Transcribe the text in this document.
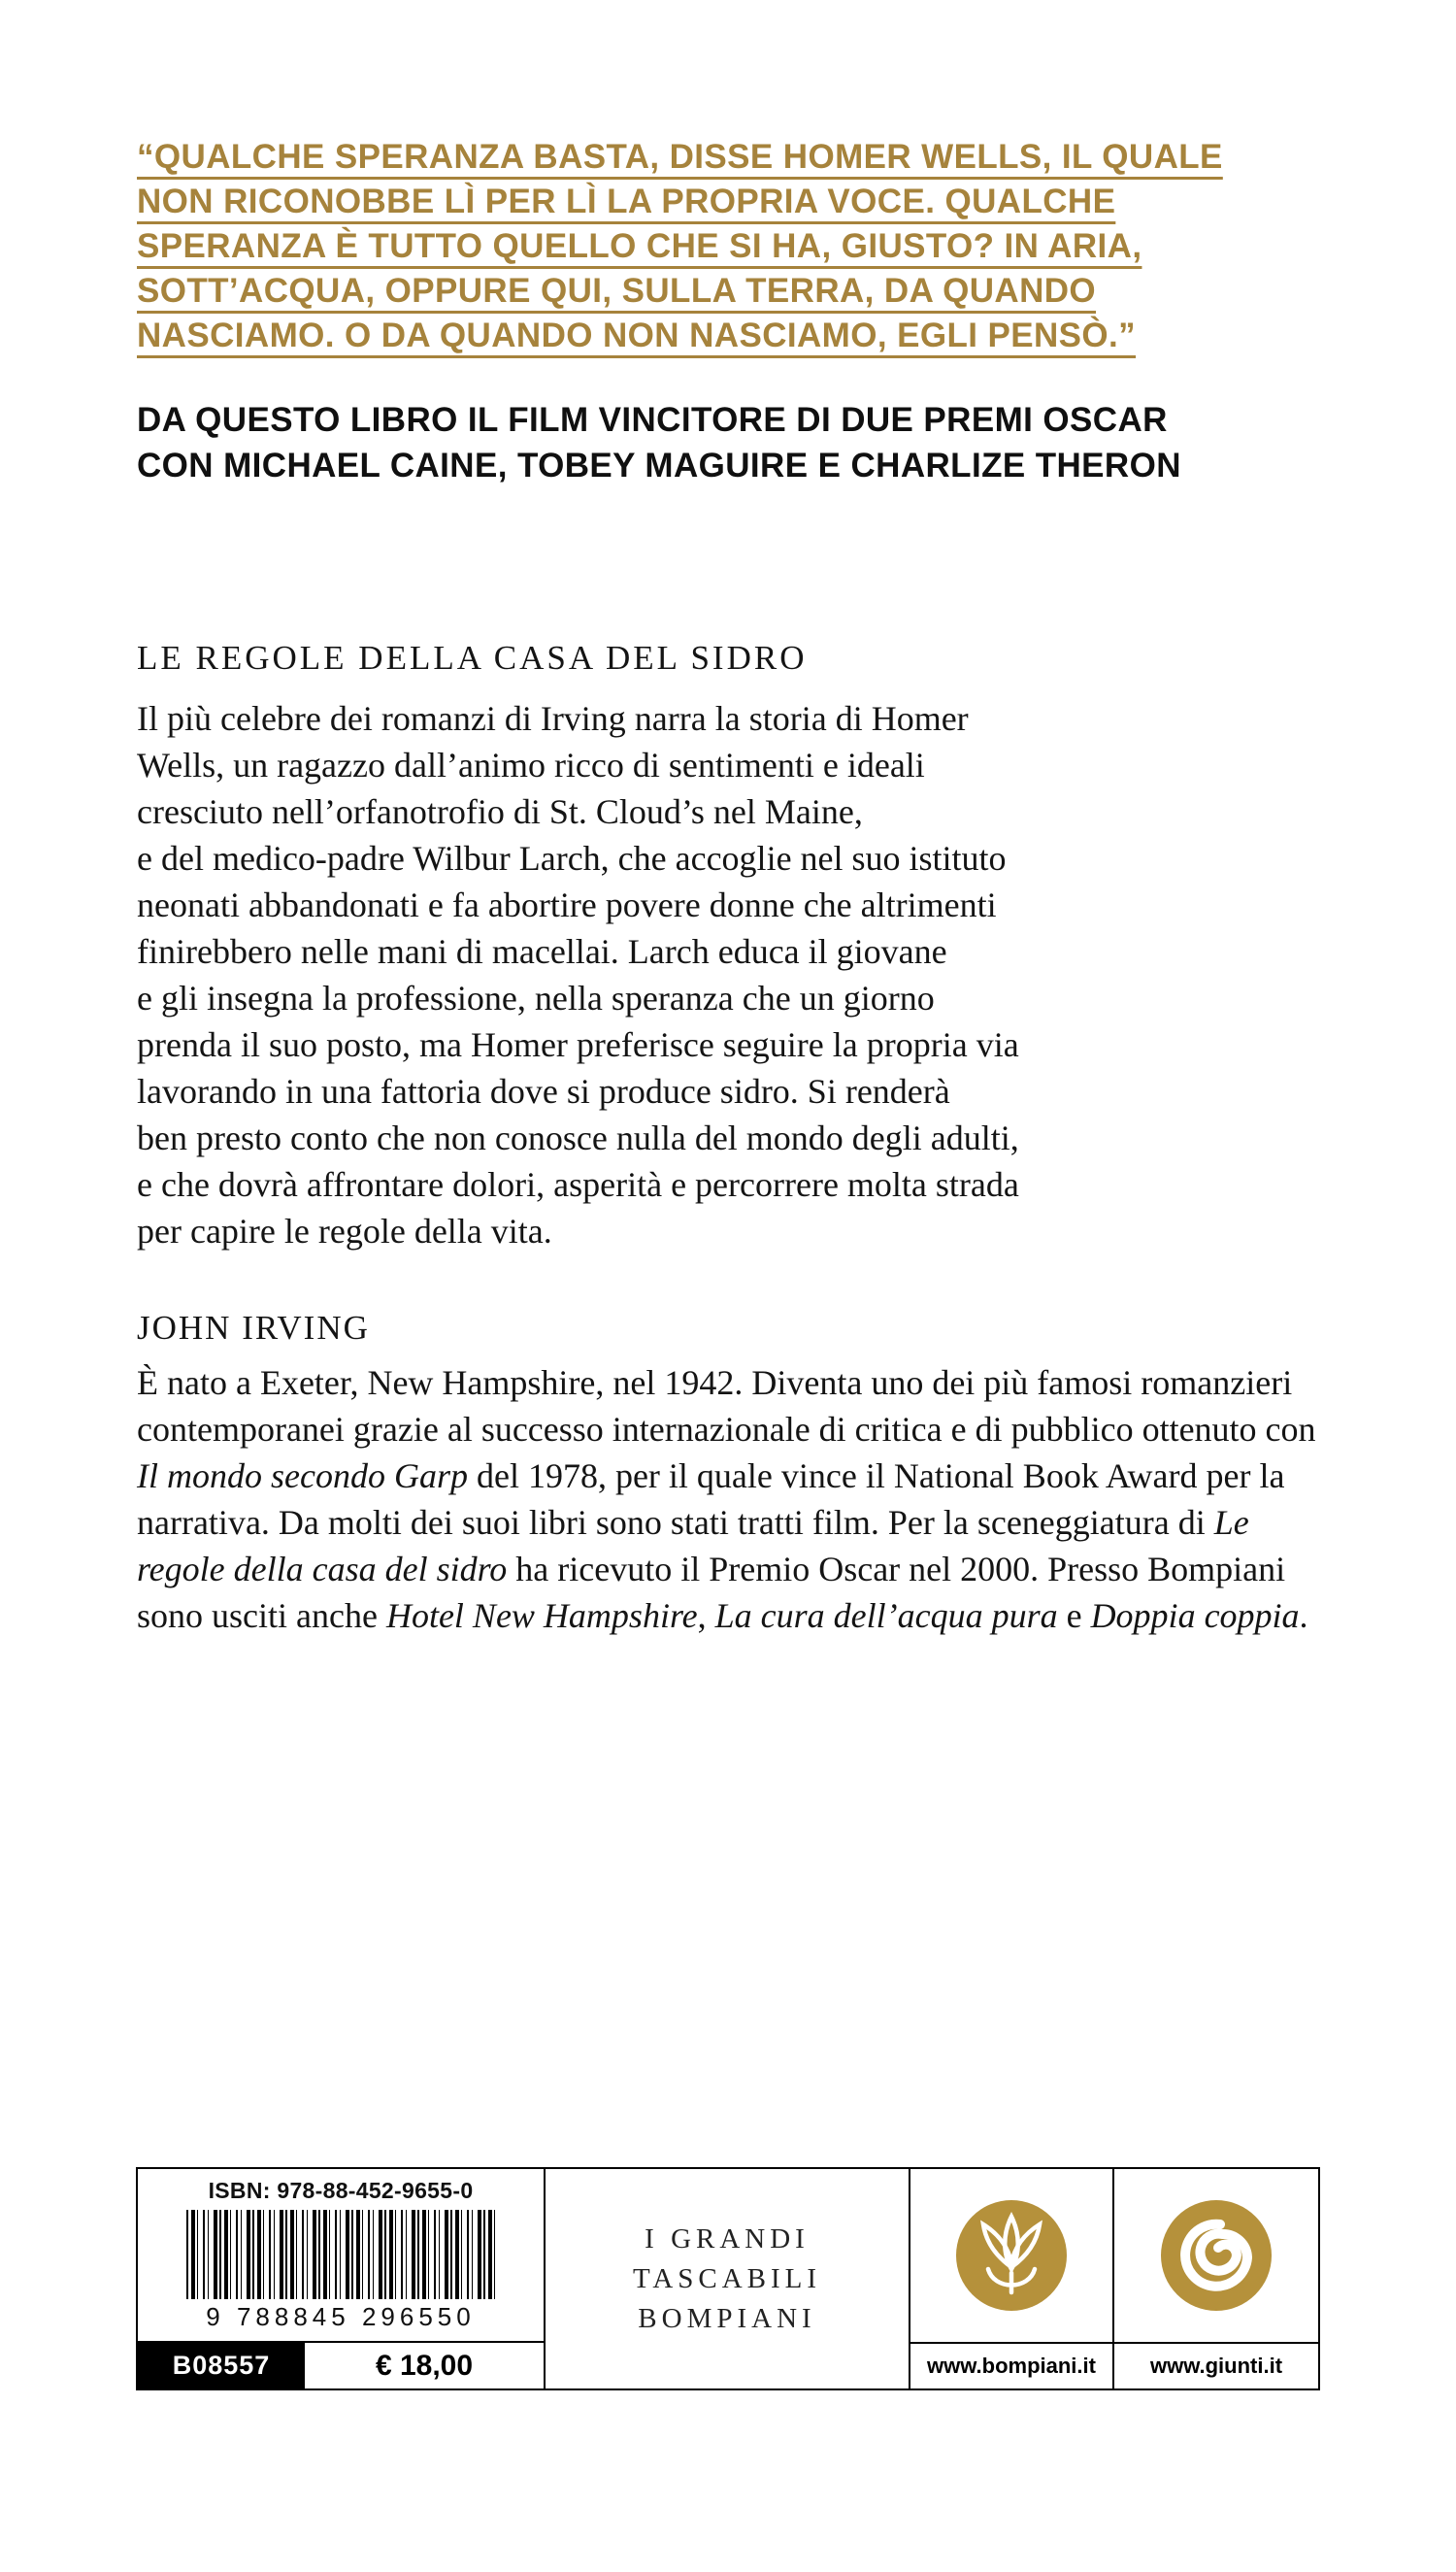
“QUALCHE SPERANZA BASTA, DISSE HOMER WELLS, IL QUALE
NON RICONOBBE LÌ PER LÌ LA PROPRIA VOCE. QUALCHE
SPERANZA È TUTTO QUELLO CHE SI HA, GIUSTO? IN ARIA,
SOTT’ACQUA, OPPURE QUI, SULLA TERRA, DA QUANDO
NASCIAMO. O DA QUANDO NON NASCIAMO, EGLI PENSÒ.”
DA QUESTO LIBRO IL FILM VINCITORE DI DUE PREMI OSCAR
CON MICHAEL CAINE, TOBEY MAGUIRE E CHARLIZE THERON
LE REGOLE DELLA CASA DEL SIDRO
Il più celebre dei romanzi di Irving narra la storia di Homer
Wells, un ragazzo dall’animo ricco di sentimenti e ideali
cresciuto nell’orfanotrofio di St. Cloud’s nel Maine,
e del medico-padre Wilbur Larch, che accoglie nel suo istituto
neonati abbandonati e fa abortire povere donne che altrimenti
finirebbero nelle mani di macellai. Larch educa il giovane
e gli insegna la professione, nella speranza che un giorno
prenda il suo posto, ma Homer preferisce seguire la propria via
lavorando in una fattoria dove si produce sidro. Si renderà
ben presto conto che non conosce nulla del mondo degli adulti,
e che dovrà affrontare dolori, asperità e percorrere molta strada
per capire le regole della vita.
JOHN IRVING
È nato a Exeter, New Hampshire, nel 1942. Diventa uno dei più famosi romanzieri contemporanei grazie al successo internazionale di critica e di pubblico ottenuto con Il mondo secondo Garp del 1978, per il quale vince il National Book Award per la narrativa. Da molti dei suoi libri sono stati tratti film. Per la sceneggiatura di Le regole della casa del sidro ha ricevuto il Premio Oscar nel 2000. Presso Bompiani sono usciti anche Hotel New Hampshire, La cura dell’acqua pura e Doppia coppia.
ISBN: 978-88-452-9655-0
9 788845 296550
B08557	€ 18,00
I GRANDI
TASCABILI
BOMPIANI
www.bompiani.it	www.giunti.it
